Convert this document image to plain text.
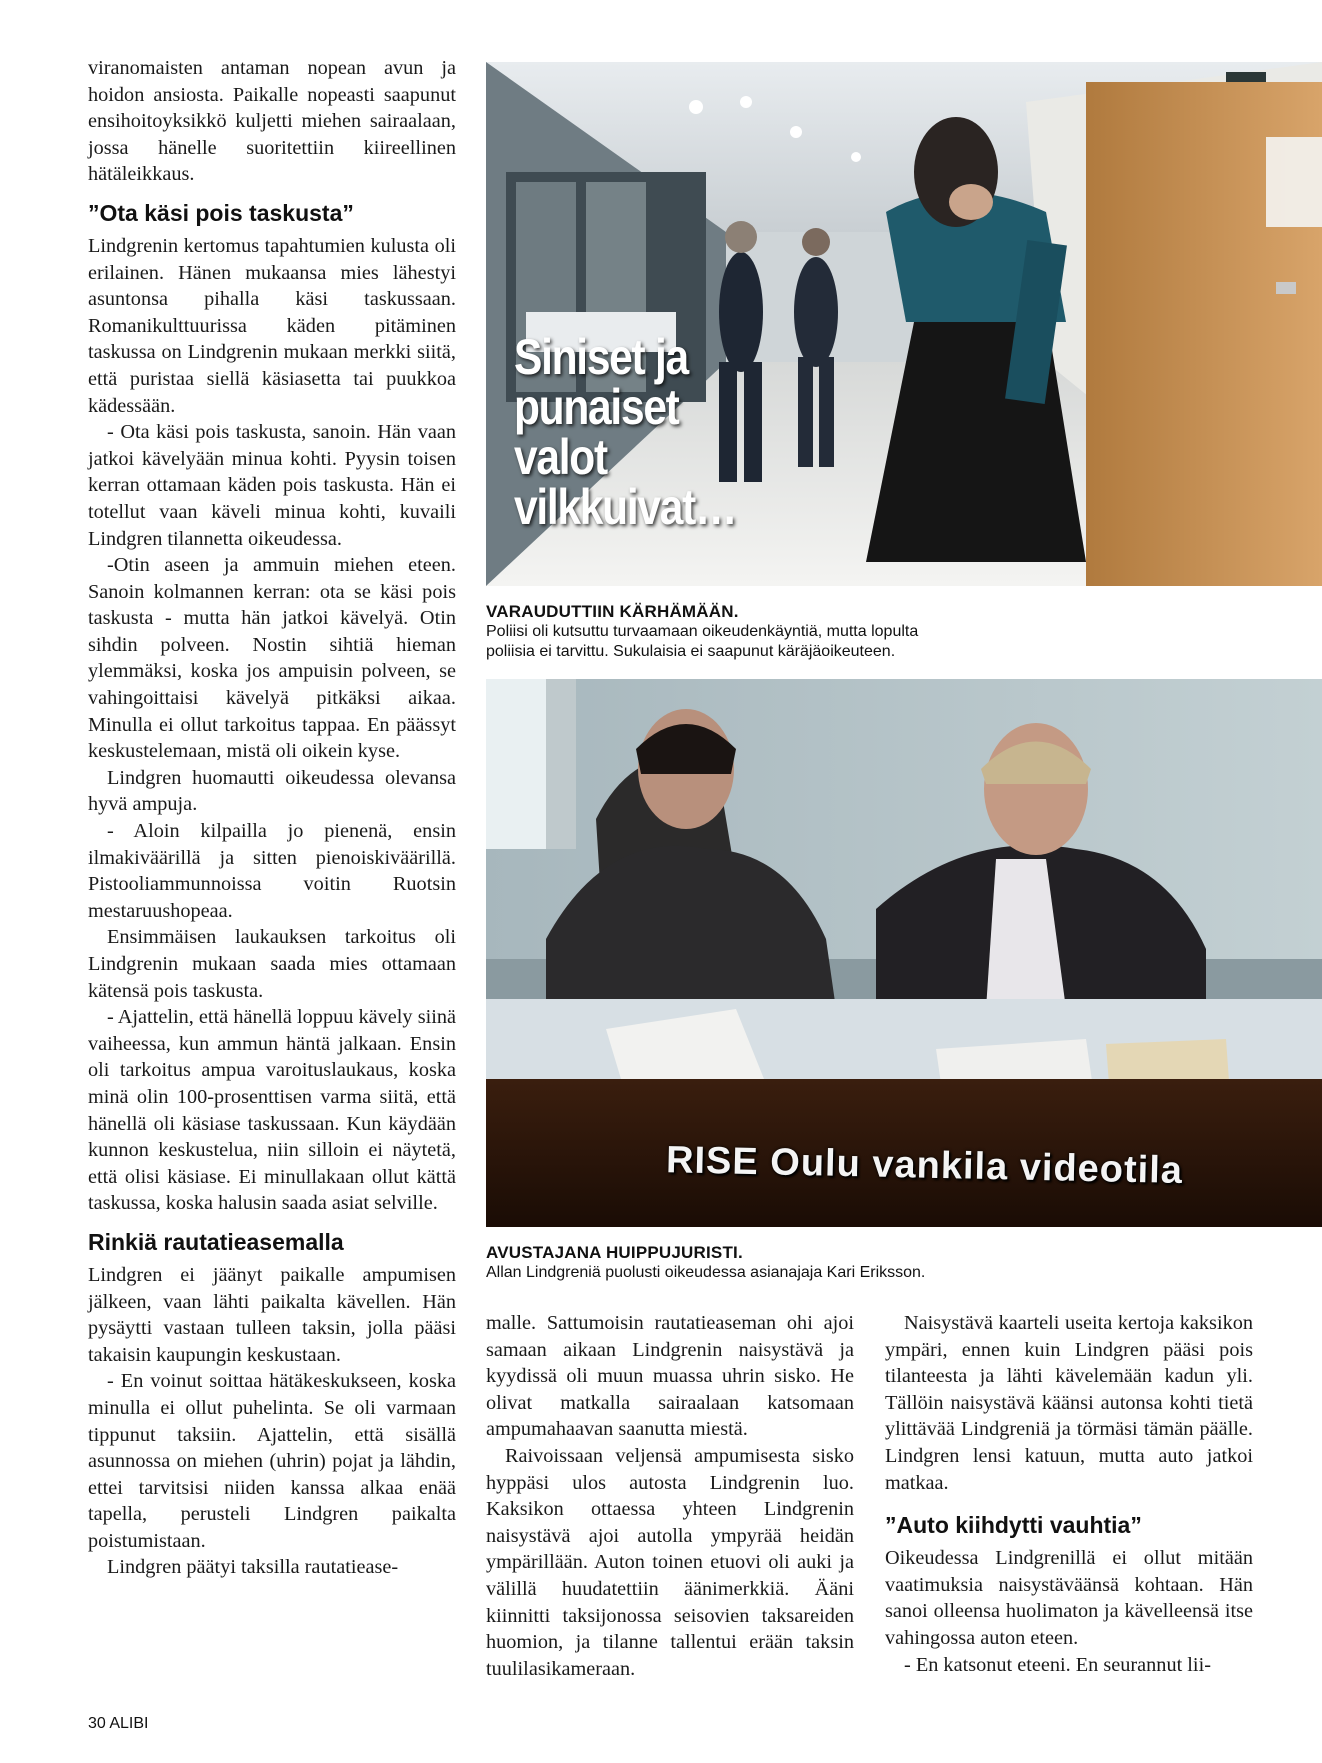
viranomaisten antaman nopean avun ja hoidon ansiosta. Paikalle nopeasti saapunut ensihoitoyksikkö kuljetti miehen sairaalaan, jossa hänelle suoritettiin kiireellinen hätäleikkaus.

”Ota käsi pois taskusta”

Lindgrenin kertomus tapahtumien kulusta oli erilainen. Hänen mukaansa mies lähestyi asuntonsa pihalla käsi taskussaan. Romanikulttuurissa käden pitäminen taskussa on Lindgrenin mukaan merkki siitä, että puristaa siellä käsiasetta tai puukkoa kädessään.

- Ota käsi pois taskusta, sanoin. Hän vaan jatkoi kävelyään minua kohti. Pyysin toisen kerran ottamaan käden pois taskusta. Hän ei totellut vaan käveli minua kohti, kuvaili Lindgren tilannetta oikeudessa.

-Otin aseen ja ammuin miehen eteen. Sanoin kolmannen kerran: ota se käsi pois taskusta - mutta hän jatkoi kävelyä. Otin sihdin polveen. Nostin sihtiä hieman ylemmäksi, koska jos ampuisin polveen, se vahingoittaisi kävelyä pitkäksi aikaa. Minulla ei ollut tarkoitus tappaa. En päässyt keskustelemaan, mistä oli oikein kyse.

Lindgren huomautti oikeudessa olevansa hyvä ampuja.

- Aloin kilpailla jo pienenä, ensin ilmakiväärillä ja sitten pienoiskiväärillä. Pistooliammunnoissa voitin Ruotsin mestaruushopeaa.

Ensimmäisen laukauksen tarkoitus oli Lindgrenin mukaan saada mies ottamaan kätensä pois taskusta.

- Ajattelin, että hänellä loppuu kävely siinä vaiheessa, kun ammun häntä jalkaan. Ensin oli tarkoitus ampua varoituslaukaus, koska minä olin 100-prosenttisen varma siitä, että hänellä oli käsiase taskussaan. Kun käydään kunnon keskustelua, niin silloin ei näytetä, että olisi käsiase. Ei minullakaan ollut kättä taskussa, koska halusin saada asiat selville.

Rinkiä rautatieasemalla

Lindgren ei jäänyt paikalle ampumisen jälkeen, vaan lähti paikalta kävellen. Hän pysäytti vastaan tulleen taksin, jolla pääsi takaisin kaupungin keskustaan.

- En voinut soittaa hätäkeskukseen, koska minulla ei ollut puhelinta. Se oli varmaan tippunut taksiin. Ajattelin, että sisällä asunnossa on miehen (uhrin) pojat ja lähdin, ettei tarvitsisi niiden kanssa alkaa enää tapella, perusteli Lindgren paikalta poistumistaan.

Lindgren päätyi taksilla rautatiease-

Siniset ja
punaiset
valot
vilkkuivat…
VARAUDUTTIIN KÄRHÄMÄÄN.
Poliisi oli kutsuttu turvaamaan oikeudenkäyntiä, mutta lopulta
poliisia ei tarvittu. Sukulaisia ei saapunut käräjäoikeuteen.
RISE Oulu vankila videotila
AVUSTAJANA HUIPPUJURISTI.
Allan Lindgreniä puolusti oikeudessa asianajaja Kari Eriksson.

malle. Sattumoisin rautatieaseman ohi ajoi samaan aikaan Lindgrenin naisystävä ja kyydissä oli muun muassa uhrin sisko. He olivat matkalla sairaalaan katsomaan ampumahaavan saanutta miestä.

Raivoissaan veljensä ampumisesta sisko hyppäsi ulos autosta Lindgrenin luo. Kaksikon ottaessa yhteen Lindgrenin naisystävä ajoi autolla ympyrää heidän ympärillään. Auton toinen etuovi oli auki ja välillä huudatettiin äänimerkkiä. Ääni kiinnitti taksijonossa seisovien taksareiden huomion, ja tilanne tallentui erään taksin tuulilasikameraan.

Naisystävä kaarteli useita kertoja kaksikon ympäri, ennen kuin Lindgren pääsi pois tilanteesta ja lähti kävelemään kadun yli. Tällöin naisystävä käänsi autonsa kohti tietä ylittävää Lindgreniä ja törmäsi tämän päälle. Lindgren lensi katuun, mutta auto jatkoi matkaa.

”Auto kiihdytti vauhtia”

Oikeudessa Lindgrenillä ei ollut mitään vaatimuksia naisystäväänsä kohtaan. Hän sanoi olleensa huolimaton ja kävelleensä itse vahingossa auton eteen.

- En katsonut eteeni. En seurannut lii-

30 ALIBI
